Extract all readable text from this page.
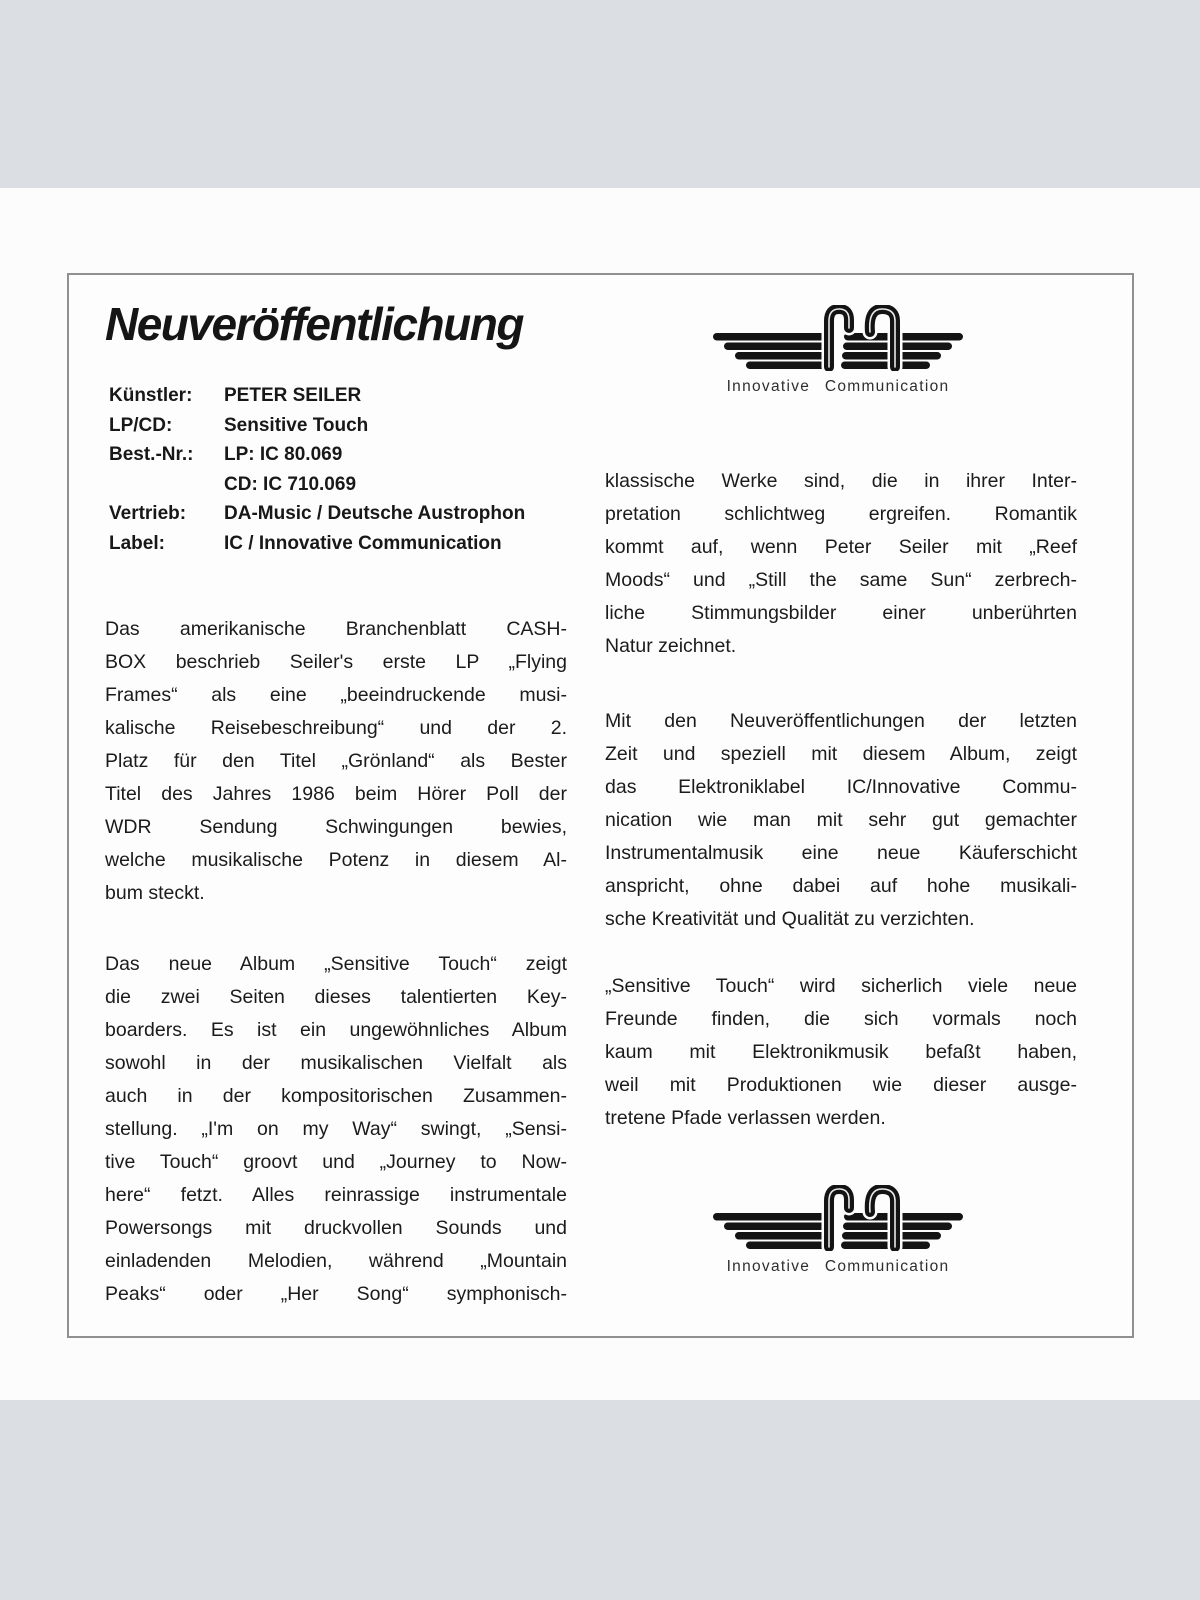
Neuveröffentlichung
Künstler:	PETER SEILER
LP/CD:	Sensitive Touch
Best.-Nr.:	LP: IC 80.069
CD: IC 710.069
Vertrieb:	DA-Music / Deutsche Austrophon
Label:	IC / Innovative Communication
Das amerikanische Branchenblatt CASH-
BOX beschrieb Seiler's erste LP „Flying
Frames“ als eine „beeindruckende musi-
kalische Reisebeschreibung“ und der 2.
Platz für den Titel „Grönland“ als Bester
Titel des Jahres 1986 beim Hörer Poll der
WDR Sendung Schwingungen bewies,
welche musikalische Potenz in diesem Al-
bum steckt.
Das neue Album „Sensitive Touch“ zeigt
die zwei Seiten dieses talentierten Key-
boarders. Es ist ein ungewöhnliches Album
sowohl in der musikalischen Vielfalt als
auch in der kompositorischen Zusammen-
stellung. „I'm on my Way“ swingt, „Sensi-
tive Touch“ groovt und „Journey to Now-
here“ fetzt. Alles reinrassige instrumentale
Powersongs mit druckvollen Sounds und
einladenden Melodien, während „Mountain
Peaks“ oder „Her Song“ symphonisch-
klassische Werke sind, die in ihrer Inter-
pretation schlichtweg ergreifen. Romantik
kommt auf, wenn Peter Seiler mit „Reef
Moods“ und „Still the same Sun“ zerbrech-
liche Stimmungsbilder einer unberührten
Natur zeichnet.
Mit den Neuveröffentlichungen der letzten
Zeit und speziell mit diesem Album, zeigt
das Elektroniklabel IC/Innovative Commu-
nication wie man mit sehr gut gemachter
Instrumentalmusik eine neue Käuferschicht
anspricht, ohne dabei auf hohe musikali-
sche Kreativität und Qualität zu verzichten.
„Sensitive Touch“ wird sicherlich viele neue
Freunde finden, die sich vormals noch
kaum mit Elektronikmusik befaßt haben,
weil mit Produktionen wie dieser ausge-
tretene Pfade verlassen werden.
Innovative Communication
Innovative Communication
